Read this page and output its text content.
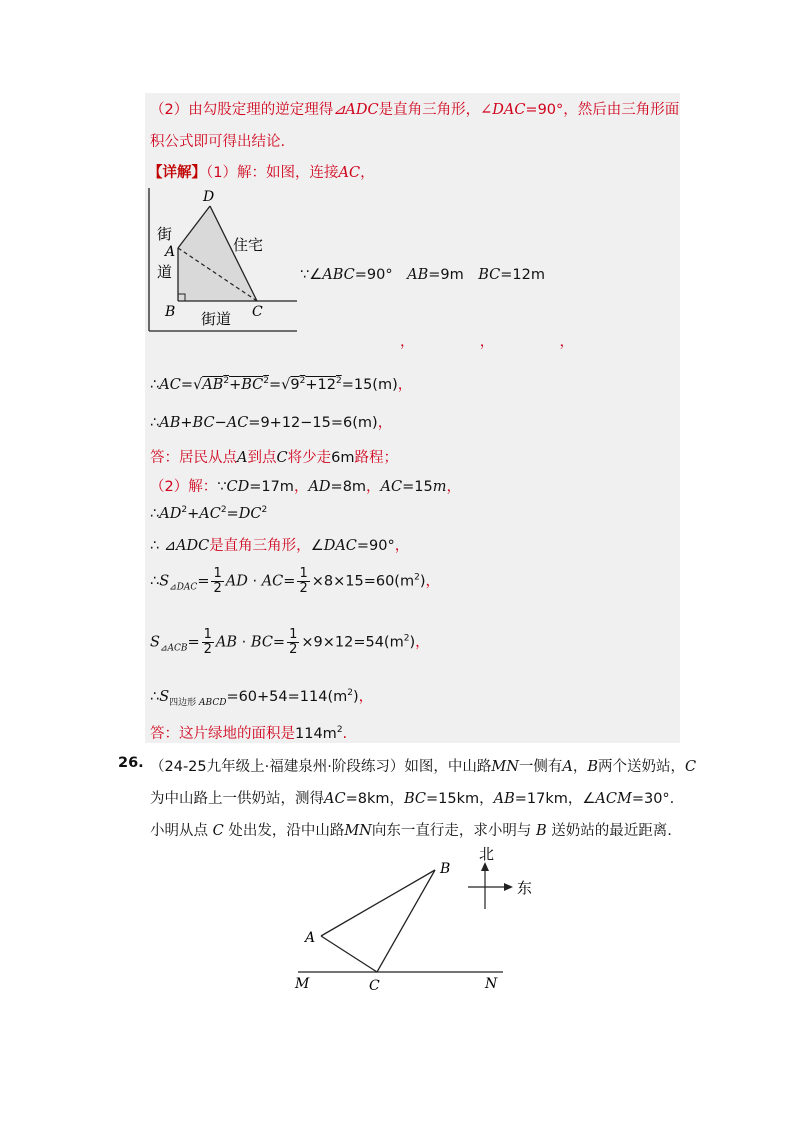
（2）由勾股定理的逆定理得⊿ADC是直角三角形，∠DAC=90°，然后由三角形面
积公式即可得出结论.
【详解】（1）解：如图，连接AC，
D
A
B	C
街
道
街道
住宅
∵∠ABC=90°　AB=9m　 BC=12m
，　　　　　，　　　　　，
$\therefore AC=√AB^2+BC^2=√9^2+12^2=15(m)$，
∴AB+BC−AC=9+12−15=6(m)，
答：居民从点A到点C将少走6m路程；
（2）解：∵CD=17m，AD=8m，AC=15m，
$\therefore AD^2+AC^2=DC^2$
∴ ⊿ADC是直角三角形，∠DAC=90°，
$\therefore S_{⊿DAC}= \frac{1}{2}$ AD · $AC= \frac{1}{2} \times 8\times 15=60(m^2)$，
$S_{⊿ACB}= \frac{1}{2}$ AB · $BC= \frac{1}{2} \times 9\times 12=54(m^2)$，
$\therefore S_{四边形 ABCD}=60+54=114(m^2)$，
答：这片绿地的面积是$114m^2$.
26. （24-25九年级上·福建泉州·阶段练习）如图，中山路MN一侧有A，B两个送奶站，C
为中山路上一供奶站，测得AC=8km，BC=15km，AB=17km，∠ACM=30°.
小明从点 C 处出发，沿中山路MN向东一直行走，求小明与 B 送奶站的最近距离.
A
B
C
M	N
北
东
